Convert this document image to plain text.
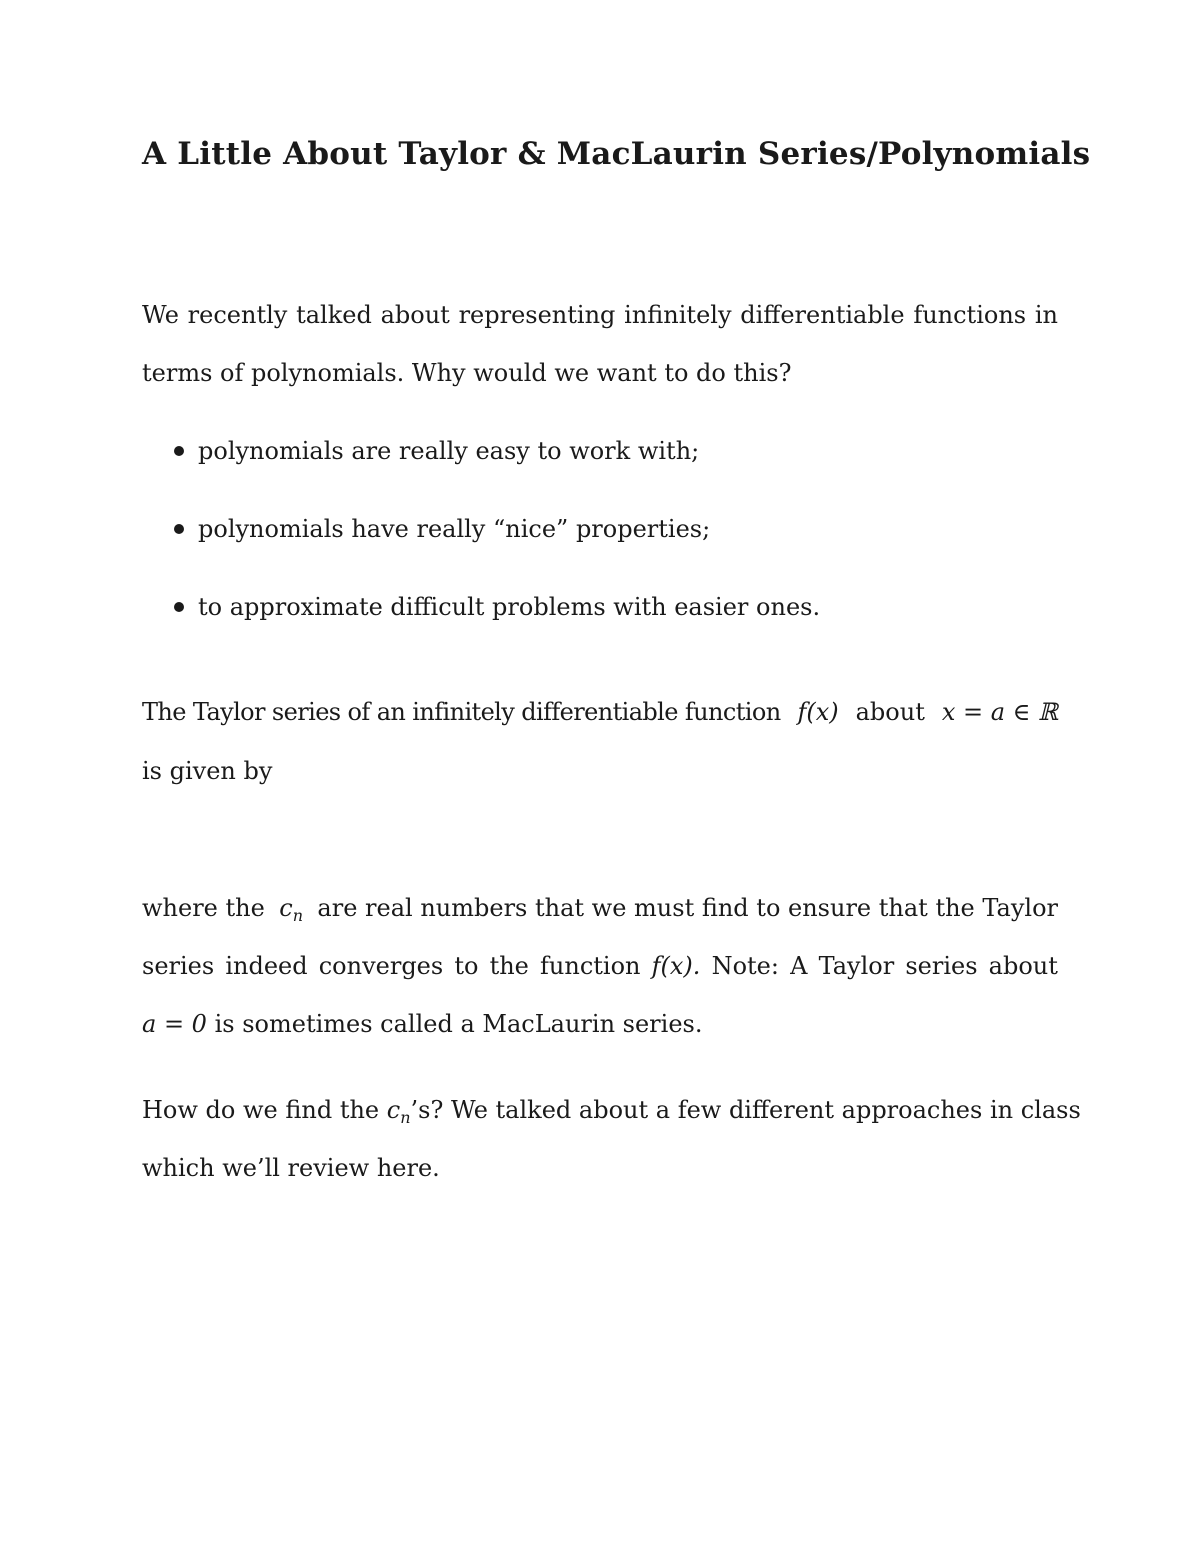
A Little About Taylor & MacLaurin Series/Polynomials
We recently talked about representing infinitely differentiable functions in
terms of polynomials. Why would we want to do this?
polynomials are really easy to work with;
polynomials have really “nice” properties;
to approximate difficult problems with easier ones.
The Taylor series of an infinitely differentiable function f(x) about x = a ∈ ℝ
is given by
where the $c_n$ are real numbers that we must find to ensure that the Taylor
series indeed converges to the function f(x). Note: A Taylor series about
a = 0 is sometimes called a MacLaurin series.
How do we find the $c_n’s$? We talked about a few different approaches in class
which we’ll review here.
